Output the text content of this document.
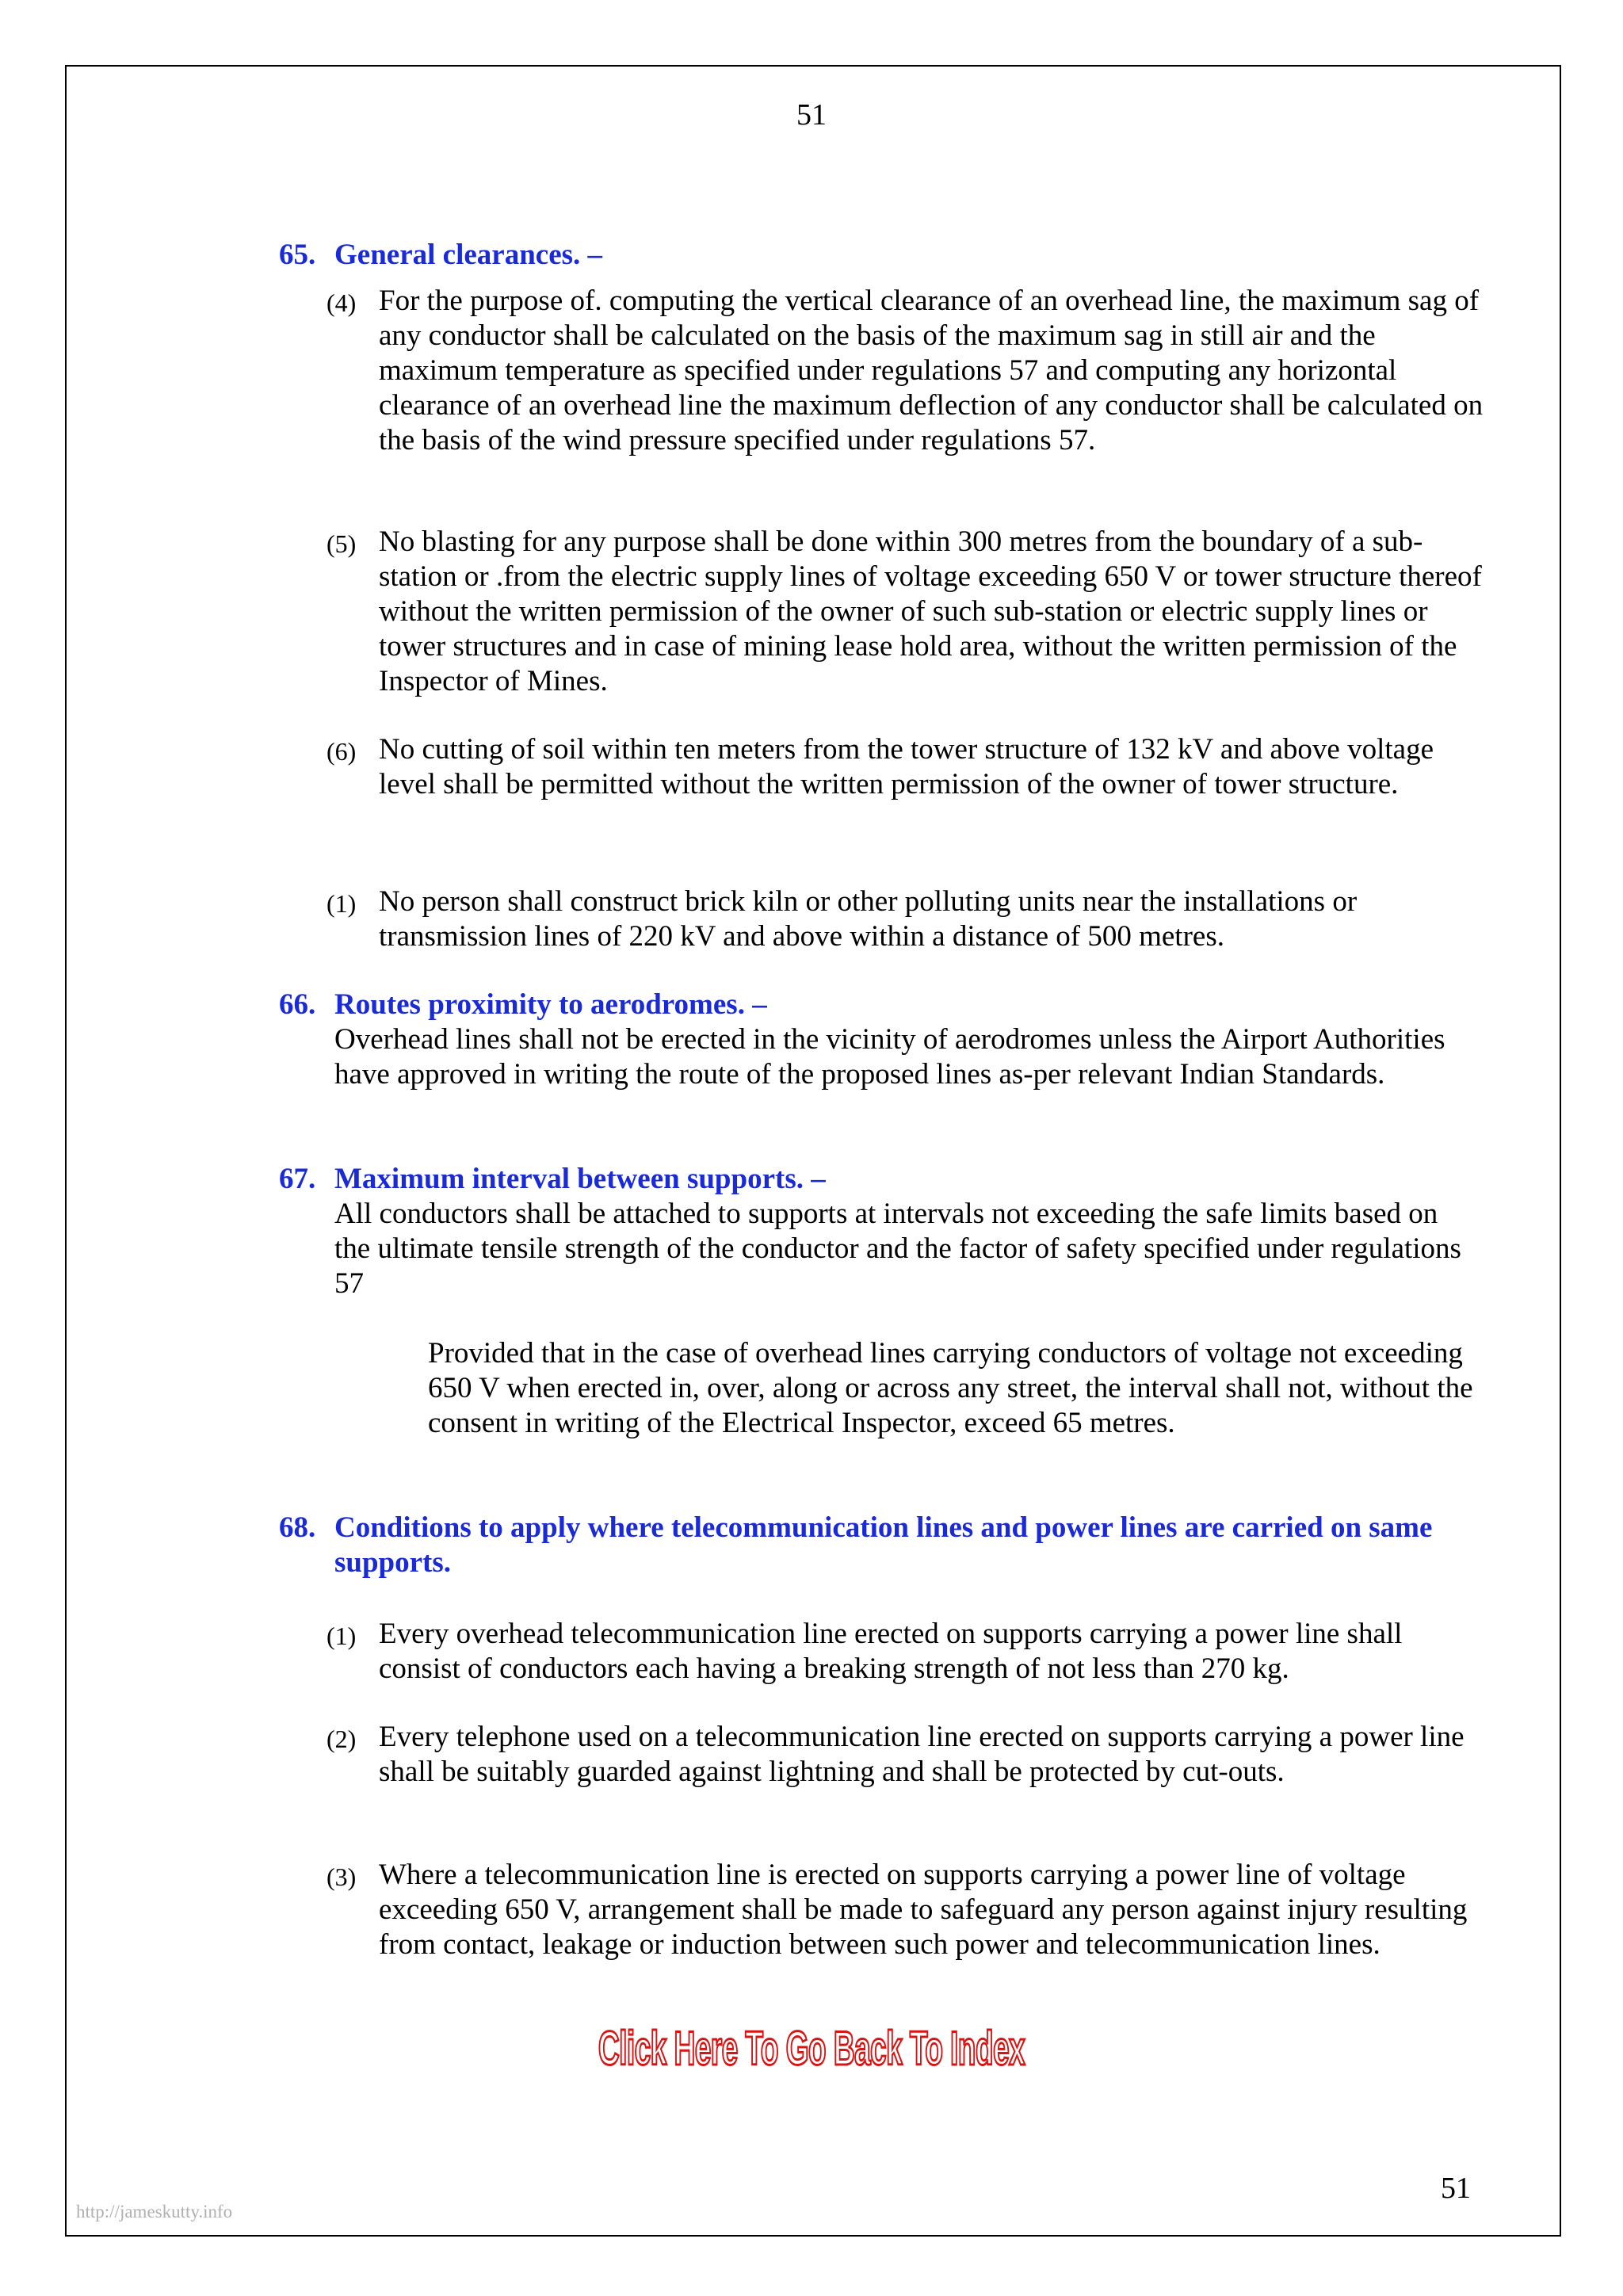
51
65. General clearances. –
(4) For the purpose of. computing the vertical clearance of an overhead line, the maximum sag of any conductor shall be calculated on the basis of the maximum sag in still air and the maximum temperature as specified under regulations 57 and computing any horizontal clearance of an overhead line the maximum deflection of any conductor shall be calculated on the basis of the wind pressure specified under regulations 57.
(5) No blasting for any purpose shall be done within 300 metres from the boundary of a sub-station or .from the electric supply lines of voltage exceeding 650 V or tower structure thereof without the written permission of the owner of such sub-station or electric supply lines or tower structures and in case of mining lease hold area, without the written permission of the Inspector of Mines.
(6) No cutting of soil within ten meters from the tower structure of 132 kV and above voltage level shall be permitted without the written permission of the owner of tower structure.
(1) No person shall construct brick kiln or other polluting units near the installations or transmission lines of 220 kV and above within a distance of 500 metres.
66. Routes proximity to aerodromes. –
Overhead lines shall not be erected in the vicinity of aerodromes unless the Airport Authorities have approved in writing the route of the proposed lines as-per relevant Indian Standards.
67. Maximum interval between supports. –
All conductors shall be attached to supports at intervals not exceeding the safe limits based on the ultimate tensile strength of the conductor and the factor of safety specified under regulations 57
Provided that in the case of overhead lines carrying conductors of voltage not exceeding 650 V when erected in, over, along or across any street, the interval shall not, without the consent in writing of the Electrical Inspector, exceed 65 metres.
68. Conditions to apply where telecommunication lines and power lines are carried on same supports.
(1) Every overhead telecommunication line erected on supports carrying a power line shall consist of conductors each having a breaking strength of not less than 270 kg.
(2) Every telephone used on a telecommunication line erected on supports carrying a power line shall be suitably guarded against lightning and shall be protected by cut-outs.
(3) Where a telecommunication line is erected on supports carrying a power line of voltage exceeding 650 V, arrangement shall be made to safeguard any person against injury resulting from contact, leakage or induction between such power and telecommunication lines.
Click Here To Go Back To Index
51
http://jameskutty.info
